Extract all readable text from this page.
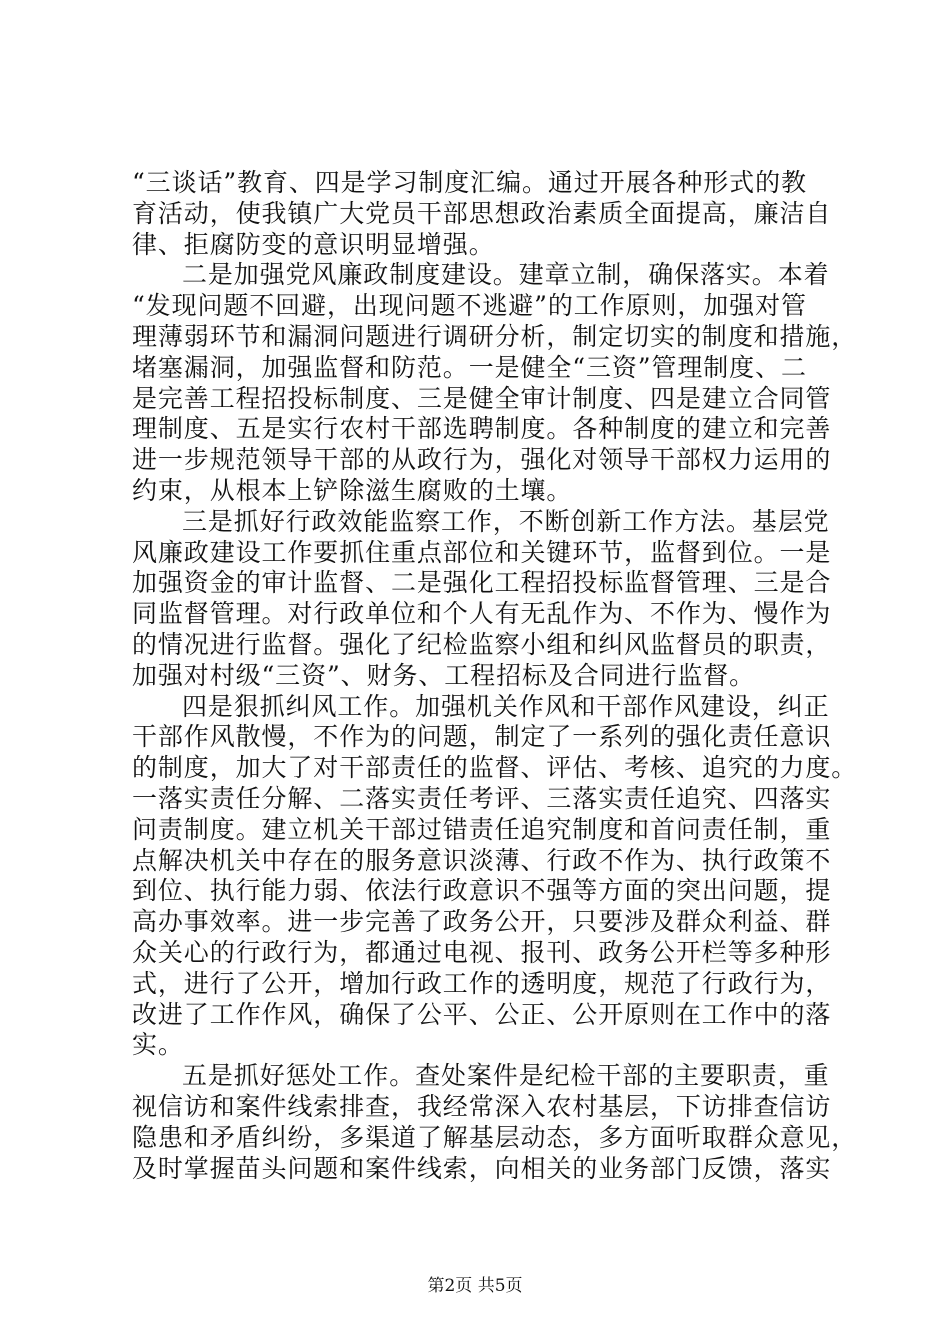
“三谈话”教育、四是学习制度汇编。通过开展各种形式的教
育活动，使我镇广大党员干部思想政治素质全面提高，廉洁自
律、拒腐防变的意识明显增强。
二是加强党风廉政制度建设。建章立制，确保落实。本着
“发现问题不回避，出现问题不逃避”的工作原则，加强对管
理薄弱环节和漏洞问题进行调研分析，制定切实的制度和措施，
堵塞漏洞，加强监督和防范。一是健全“三资”管理制度、二
是完善工程招投标制度、三是健全审计制度、四是建立合同管
理制度、五是实行农村干部选聘制度。各种制度的建立和完善
进一步规范领导干部的从政行为，强化对领导干部权力运用的
约束，从根本上铲除滋生腐败的土壤。
三是抓好行政效能监察工作，不断创新工作方法。基层党
风廉政建设工作要抓住重点部位和关键环节，监督到位。一是
加强资金的审计监督、二是强化工程招投标监督管理、三是合
同监督管理。对行政单位和个人有无乱作为、不作为、慢作为
的情况进行监督。强化了纪检监察小组和纠风监督员的职责，
加强对村级“三资”、财务、工程招标及合同进行监督。
四是狠抓纠风工作。加强机关作风和干部作风建设，纠正
干部作风散慢，不作为的问题，制定了一系列的强化责任意识
的制度，加大了对干部责任的监督、评估、考核、追究的力度。
一落实责任分解、二落实责任考评、三落实责任追究、四落实
问责制度。建立机关干部过错责任追究制度和首问责任制，重
点解决机关中存在的服务意识淡薄、行政不作为、执行政策不
到位、执行能力弱、依法行政意识不强等方面的突出问题，提
高办事效率。进一步完善了政务公开，只要涉及群众利益、群
众关心的行政行为，都通过电视、报刊、政务公开栏等多种形
式，进行了公开，增加行政工作的透明度，规范了行政行为，
改进了工作作风，确保了公平、公正、公开原则在工作中的落
实。
五是抓好惩处工作。查处案件是纪检干部的主要职责，重
视信访和案件线索排查，我经常深入农村基层，下访排查信访
隐患和矛盾纠纷，多渠道了解基层动态，多方面听取群众意见，
及时掌握苗头问题和案件线索，向相关的业务部门反馈，落实
第2页 共5页
